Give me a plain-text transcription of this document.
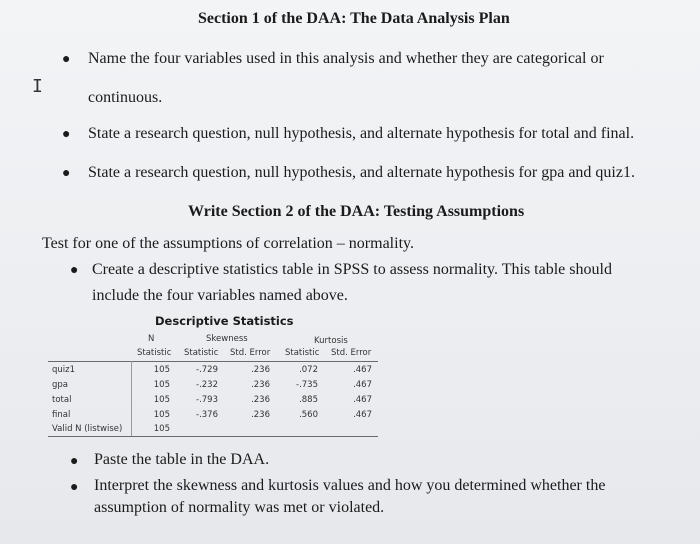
Section 1 of the DAA: The Data Analysis Plan
I
● Name the four variables used in this analysis and whether they are categorical or
continuous.
● State a research question, null hypothesis, and alternate hypothesis for total and final.
● State a research question, null hypothesis, and alternate hypothesis for gpa and quiz1.
Write Section 2 of the DAA: Testing Assumptions
Test for one of the assumptions of correlation – normality.
● Create a descriptive statistics table in SPSS to assess normality. This table should
include the four variables named above.
Descriptive Statistics
N	Skewness	Kurtosis
Statistic Statistic Std. Error Statistic Std. Error
quiz1	105	-.729	.236	.072	.467
gpa	105	-.232	.236	-.735	.467
total	105	-.793	.236	.885	.467
final	105	-.376	.236	.560	.467
Valid N (listwise)	105
● Paste the table in the DAA.
● Interpret the skewness and kurtosis values and how you determined whether the
assumption of normality was met or violated.
